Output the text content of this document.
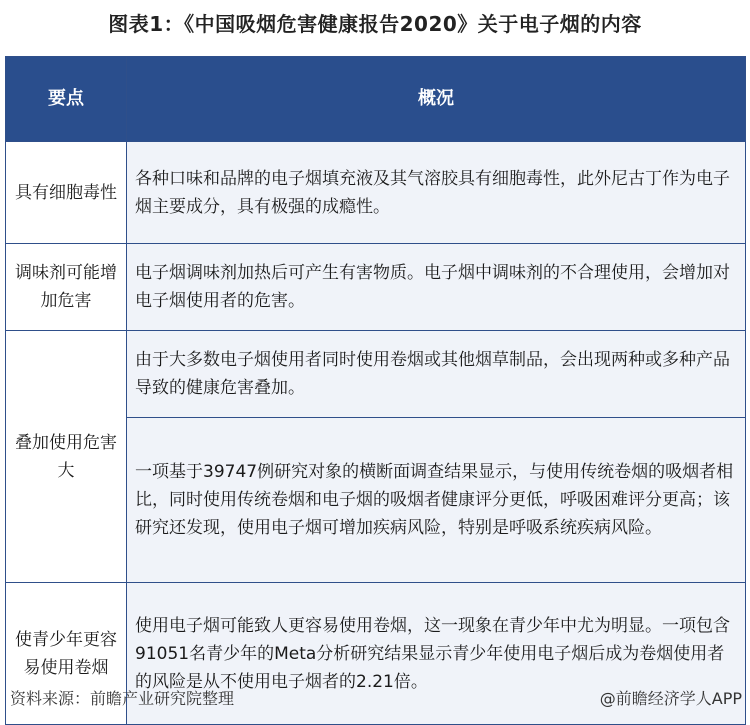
图表1：《中国吸烟危害健康报告2020》关于电子烟的内容
要点	概况
具有细胞毒性	各种口味和品牌的电子烟填充液及其气溶胶具有细胞毒性，此外尼古丁作为电子烟主要成分，具有极强的成瘾性。
调味剂可能增加危害	电子烟调味剂加热后可产生有害物质。电子烟中调味剂的不合理使用，会增加对电子烟使用者的危害。
叠加使用危害大	由于大多数电子烟使用者同时使用卷烟或其他烟草制品，会出现两种或多种产品导致的健康危害叠加。
	一项基于39747例研究对象的横断面调查结果显示，与使用传统卷烟的吸烟者相比，同时使用传统卷烟和电子烟的吸烟者健康评分更低，呼吸困难评分更高；该研究还发现，使用电子烟可增加疾病风险，特别是呼吸系统疾病风险。
使青少年更容易使用卷烟	使用电子烟可能致人更容易使用卷烟，这一现象在青少年中尤为明显。一项包含91051名青少年的Meta分析研究结果显示青少年使用电子烟后成为卷烟使用者的风险是从不使用电子烟者的2.21倍。
资料来源：前瞻产业研究院整理	@前瞻经济学人APP
